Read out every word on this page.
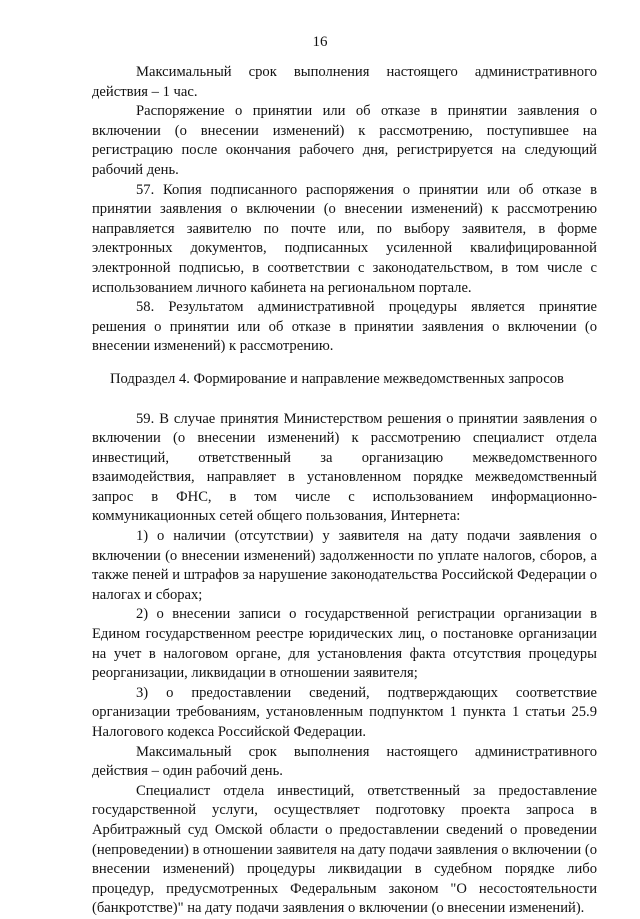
16

Максимальный срок выполнения настоящего административного действия – 1 час.

Распоряжение о принятии или об отказе в принятии заявления о включении (о внесении изменений) к рассмотрению, поступившее на регистрацию после окончания рабочего дня, регистрируется на следующий рабочий день.

57. Копия подписанного распоряжения о принятии или об отказе в принятии заявления о включении (о внесении изменений) к рассмотрению направляется заявителю по почте или, по выбору заявителя, в форме электронных документов, подписанных усиленной квалифицированной электронной подписью, в соответствии с законодательством, в том числе с использованием личного кабинета на региональном портале.

58. Результатом административной процедуры является принятие решения о принятии или об отказе в принятии заявления о включении (о внесении изменений) к рассмотрению.

Подраздел 4. Формирование и направление межведомственных запросов

59. В случае принятия Министерством решения о принятии заявления о включении (о внесении изменений) к рассмотрению специалист отдела инвестиций, ответственный за организацию межведомственного взаимодействия, направляет в установленном порядке межведомственный запрос в ФНС, в том числе с использованием информационно-коммуникационных сетей общего пользования, Интернета:

1) о наличии (отсутствии) у заявителя на дату подачи заявления о включении (о внесении изменений) задолженности по уплате налогов, сборов, а также пеней и штрафов за нарушение законодательства Российской Федерации о налогах и сборах;

2) о внесении записи о государственной регистрации организации в Едином государственном реестре юридических лиц, о постановке организации на учет в налоговом органе, для установления факта отсутствия процедуры реорганизации, ликвидации в отношении заявителя;

3) о предоставлении сведений, подтверждающих соответствие организации требованиям, установленным подпунктом 1 пункта 1 статьи 25.9 Налогового кодекса Российской Федерации.

Максимальный срок выполнения настоящего административного действия – один рабочий день.

Специалист отдела инвестиций, ответственный за предоставление государственной услуги, осуществляет подготовку проекта запроса в Арбитражный суд Омской области о предоставлении сведений о проведении (непроведении) в отношении заявителя на дату подачи заявления о включении (о внесении изменений) процедуры ликвидации в судебном порядке либо процедур, предусмотренных Федеральным законом "О несостоятельности (банкротстве)" на дату подачи заявления о включении (о внесении изменений).
